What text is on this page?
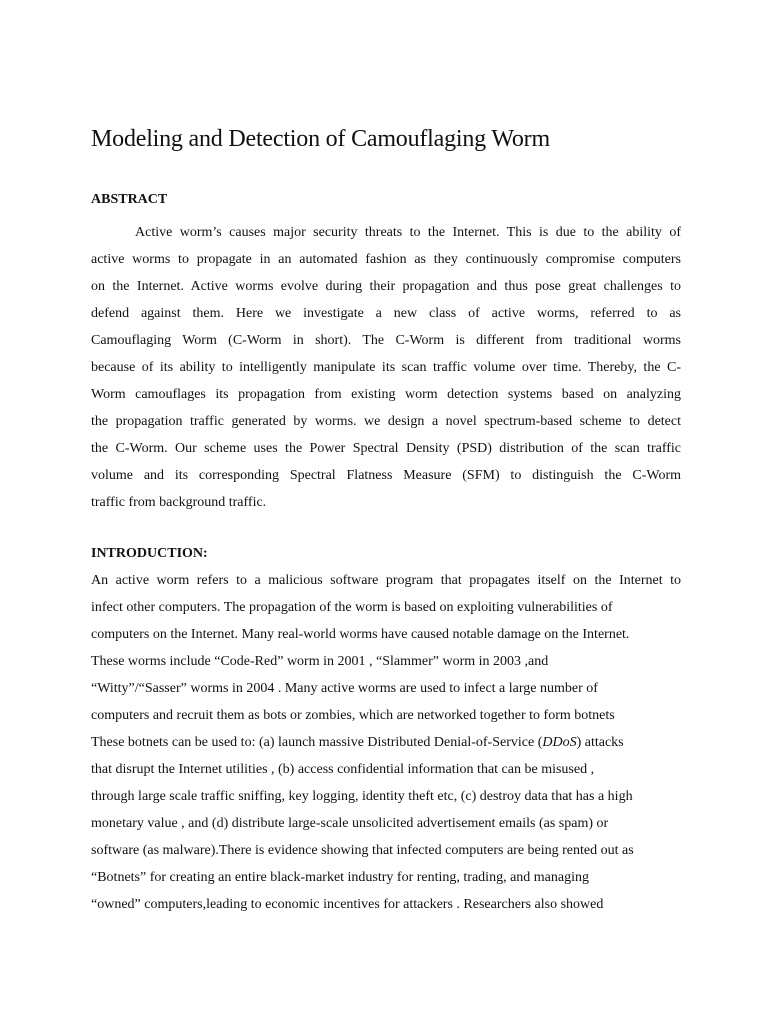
Modeling and Detection of Camouflaging Worm
ABSTRACT
Active worm’s causes major security threats to the Internet. This is due to the ability of
active worms to propagate in an automated fashion as they continuously compromise computers
on the Internet. Active worms evolve during their propagation and thus pose great challenges to
defend against them. Here we investigate a new class of active worms, referred to as
Camouflaging Worm (C-Worm in short). The C-Worm is different from traditional worms
because of its ability to intelligently manipulate its scan traffic volume over time. Thereby, the C-
Worm camouflages its propagation from existing worm detection systems based on analyzing
the propagation traffic generated by worms. we design a novel spectrum-based scheme to detect
the C-Worm. Our scheme uses the Power Spectral Density (PSD) distribution of the scan traffic
volume and its corresponding Spectral Flatness Measure (SFM) to distinguish the C-Worm
traffic from background traffic.
INTRODUCTION:
An active worm refers to a malicious software program that propagates itself on the Internet to
infect other computers. The propagation of the worm is based on exploiting vulnerabilities of
computers on the Internet. Many real-world worms have caused notable damage on the Internet.
These worms include “Code-Red” worm in 2001 , “Slammer” worm in 2003 ,and
“Witty”/“Sasser” worms in 2004 . Many active worms are used to infect a large number of
computers and recruit them as bots or zombies, which are networked together to form botnets
These botnets can be used to: (a) launch massive Distributed Denial-of-Service (DDoS) attacks
that disrupt the Internet utilities , (b) access confidential information that can be misused ,
through large scale traffic sniffing, key logging, identity theft etc, (c) destroy data that has a high
monetary value , and (d) distribute large-scale unsolicited advertisement emails (as spam) or
software (as malware).There is evidence showing that infected computers are being rented out as
“Botnets” for creating an entire black-market industry for renting, trading, and managing
“owned” computers,leading to economic incentives for attackers . Researchers also showed
